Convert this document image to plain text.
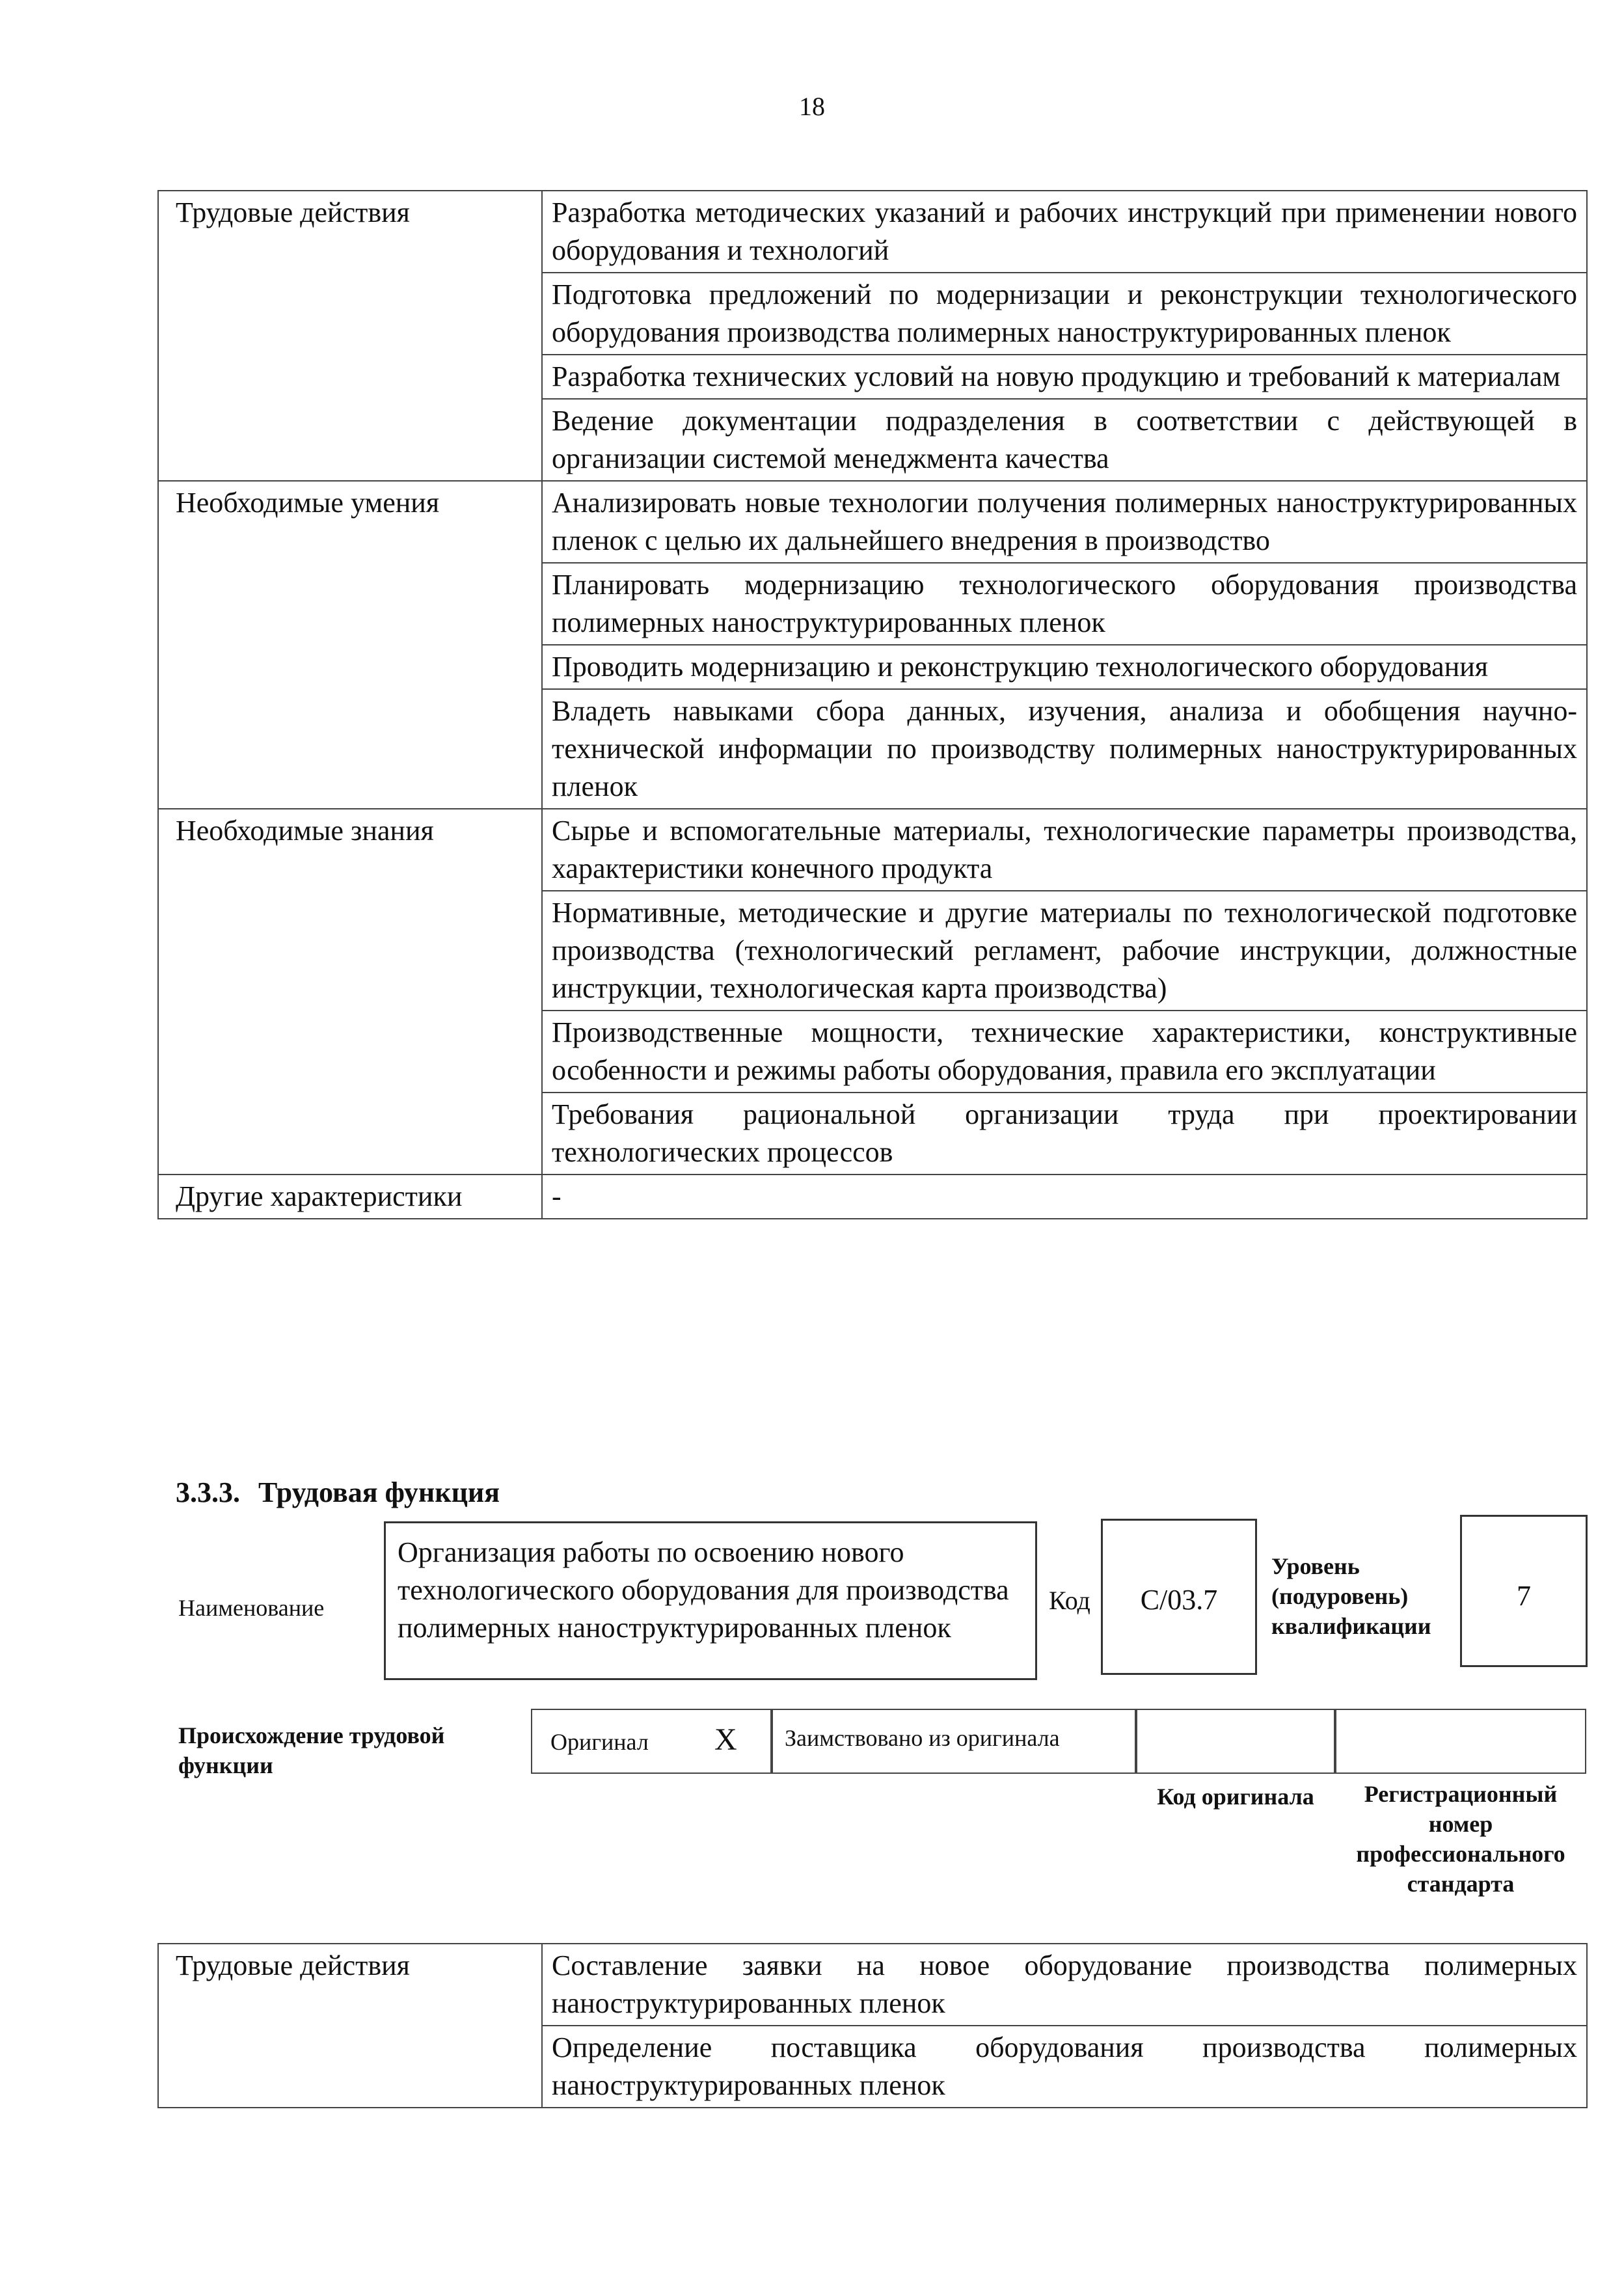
18
Трудовые действия	Разработка методических указаний и рабочих инструкций при применении нового оборудования и технологий
	Подготовка предложений по модернизации и реконструкции технологического оборудования производства полимерных наноструктурированных пленок
	Разработка технических условий на новую продукцию и требований к материалам
	Ведение документации подразделения в соответствии с действующей в организации системой менеджмента качества
Необходимые умения	Анализировать новые технологии получения полимерных наноструктурированных пленок с целью их дальнейшего внедрения в производство
	Планировать модернизацию технологического оборудования производства полимерных наноструктурированных пленок
	Проводить модернизацию и реконструкцию технологического оборудования
	Владеть навыками сбора данных, изучения, анализа и обобщения научно-технической информации по производству полимерных наноструктурированных пленок
Необходимые знания	Сырье и вспомогательные материалы, технологические параметры производства, характеристики конечного продукта
	Нормативные, методические и другие материалы по технологической подготовке производства (технологический регламент, рабочие инструкции, должностные инструкции, технологическая карта производства)
	Производственные мощности, технические характеристики, конструктивные особенности и режимы работы оборудования, правила его эксплуатации
	Требования рациональной организации труда при проектировании технологических процессов
Другие характеристики	-
3.3.3. Трудовая функция
Наименование
Организация работы по освоению нового технологического оборудования для производства полимерных наноструктурированных пленок
Код	С/03.7
Уровень (подуровень) квалификации
7
Происхождение трудовой функции
Оригинал X Заимствовано из оригинала
Код оригинала	Регистрационный номер профессионального стандарта
Трудовые действия	Составление заявки на новое оборудование производства полимерных наноструктурированных пленок
Определение поставщика оборудования производства полимерных наноструктурированных пленок
